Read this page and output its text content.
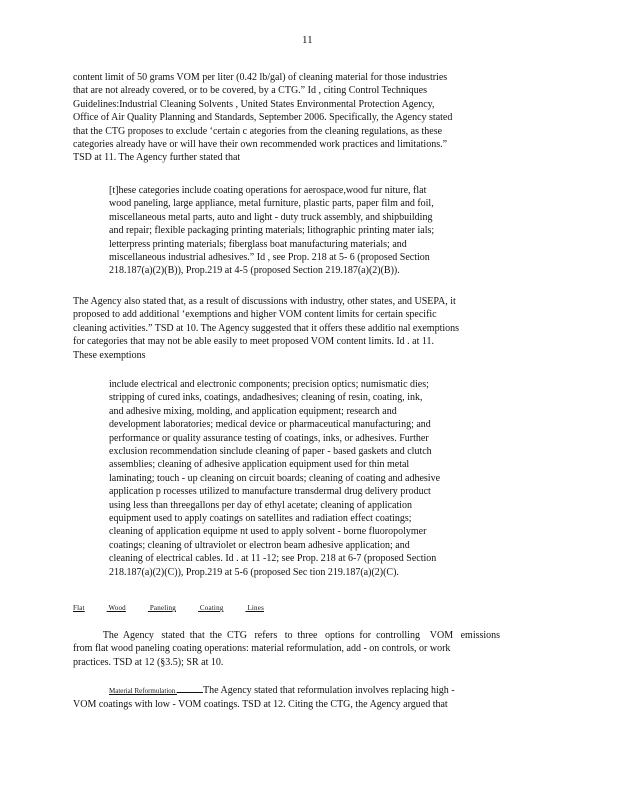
11
content limit of 50 grams VOM per liter (0.42 lb/gal) of cleaning material for those industries
that are not already covered, or to be covered, by a CTG.” Id , citing Control Techniques
Guidelines:Industrial Cleaning Solvents , United States Environmental Protection Agency,
Office of Air Quality Planning and Standards, September 2006. Specifically, the Agency stated
that the CTG proposes to exclude ‘certain c ategories from the cleaning regulations, as these
categories already have or will have their own recommended work practices and limitations.”
TSD at 11. The Agency further stated that
[t]hese categories include coating operations for aerospace,wood fur niture, flat
wood paneling, large appliance, metal furniture, plastic parts, paper film and foil,
miscellaneous metal parts, auto and light - duty truck assembly, and shipbuilding
and repair; flexible packaging printing materials; lithographic printing mater ials;
letterpress printing materials; fiberglass boat manufacturing materials; and
miscellaneous industrial adhesives.” Id , see Prop. 218 at 5- 6 (proposed Section
218.187(a)(2)(B)), Prop.219 at 4-5 (proposed Section 219.187(a)(2)(B)).
The Agency also stated that, as a result of discussions with industry, other states, and USEPA, it
proposed to add additional ‘exemptions and higher VOM content limits for certain specific
cleaning activities.” TSD at 10. The Agency suggested that it offers these additio nal exemptions
for categories that may not be able easily to meet proposed VOM content limits. Id . at 11.
These exemptions
include electrical and electronic components; precision optics; numismatic dies;
stripping of cured inks, coatings, andadhesives; cleaning of resin, coating, ink,
and adhesive mixing, molding, and application equipment; research and
development laboratories; medical device or pharmaceutical manufacturing; and
performance or quality assurance testing of coatings, inks, or adhesives. Further
exclusion recommendation sinclude cleaning of paper - based gaskets and clutch
assemblies; cleaning of adhesive application equipment used for thin metal
laminating; touch - up cleaning on circuit boards; cleaning of coating and adhesive
application p rocesses utilized to manufacture transdermal drug delivery product
using less than threegallons per day of ethyl acetate; cleaning of application
equipment used to apply coatings on satellites and radiation effect coatings;
cleaning of application equipme nt used to apply solvent - borne fluoropolymer
coatings; cleaning of ultraviolet or electron beam adhesive application; and
cleaning of electrical cables. Id . at 11 -12; see Prop. 218 at 6-7 (proposed Section
218.187(a)(2)(C)), Prop.219 at 5-6 (proposed Sec tion 219.187(a)(2)(C).
Flat	Wood	Paneling	Coating	Lines
The  Agency   stated  that  the  CTG   refers   to  three   options  for  controlling    VOM   emissions
from flat wood paneling coating operations: material reformulation, add - on controls, or work
practices. TSD at 12 (§3.5); SR at 10.
Material Reformulation.	The Agency stated that reformulation involves replacing high -
VOM coatings with low - VOM coatings. TSD at 12. Citing the CTG, the Agency argued that
